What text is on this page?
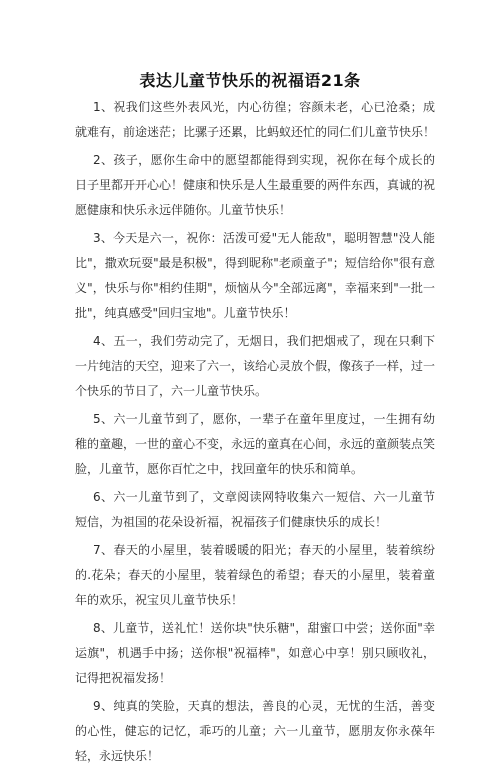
表达儿童节快乐的祝福语21条

1、祝我们这些外表风光，内心彷徨；容颜未老，心已沧桑；成就难有，前途迷茫；比骡子还累，比蚂蚁还忙的同仁们儿童节快乐！

2、孩子，愿你生命中的愿望都能得到实现，祝你在每个成长的日子里都开开心心！健康和快乐是人生最重要的两件东西，真诚的祝愿健康和快乐永远伴随你。儿童节快乐！

3、今天是六一，祝你：活泼可爱"无人能敌"，聪明智慧"没人能比"，撒欢玩耍"最是积极"，得到昵称"老顽童子"；短信给你"很有意义"，快乐与你"相约佳期"，烦恼从今"全部远离"，幸福来到"一批一批"，纯真感受"回归宝地"。儿童节快乐！

4、五一，我们劳动完了，无烟日，我们把烟戒了，现在只剩下一片纯洁的天空，迎来了六一，该给心灵放个假，像孩子一样，过一个快乐的节日了，六一儿童节快乐。

5、六一儿童节到了，愿你，一辈子在童年里度过，一生拥有幼稚的童趣，一世的童心不变，永远的童真在心间，永远的童颜装点笑脸，儿童节，愿你百忙之中，找回童年的快乐和简单。

6、六一儿童节到了，文章阅读网特收集六一短信、六一儿童节短信，为祖国的花朵设祈福，祝福孩子们健康快乐的成长！

7、春天的小屋里，装着暖暖的阳光；春天的小屋里，装着缤纷的.花朵；春天的小屋里，装着绿色的希望；春天的小屋里，装着童年的欢乐，祝宝贝儿童节快乐！

8、儿童节，送礼忙！送你块"快乐糖"，甜蜜口中尝；送你面"幸运旗"，机遇手中扬；送你根"祝福棒"，如意心中享！别只顾收礼，记得把祝福发扬！

9、纯真的笑脸，天真的想法，善良的心灵，无忧的生活，善变的心性，健忘的记忆，乖巧的儿童；六一儿童节，愿朋友你永葆年轻，永远快乐！
